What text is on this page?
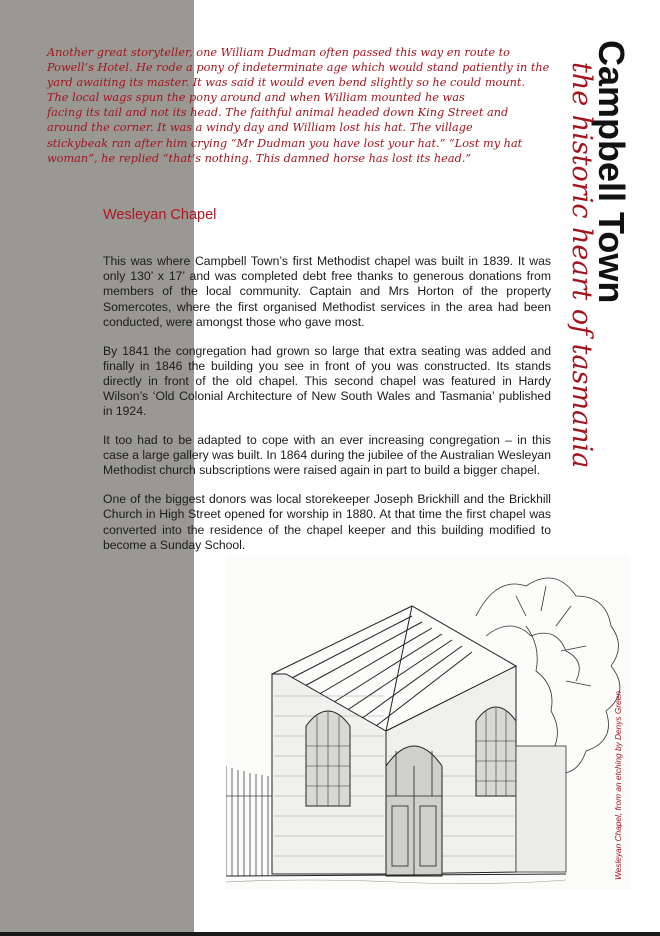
Another great storyteller, one William Dudman often passed this way en route to
Powell’s Hotel. He rode a pony of indeterminate age which would stand patiently in the
yard awaiting its master. It was said it would even bend slightly so he could mount.
The local wags spun the pony around and when William mounted he was
facing its tail and not its head. The faithful animal headed down King Street and
around the corner. It was a windy day and William lost his hat. The village
stickybeak ran after him crying “Mr Dudman you have lost your hat.” “Lost my hat
woman”, he replied “that’s nothing. This damned horse has lost its head.”

Wesleyan Chapel

This was where Campbell Town’s first Methodist chapel was built in 1839. It was only 130’ x 17’ and was completed debt free thanks to generous donations from members of the local community. Captain and Mrs Horton of the property Somercotes, where the first organised Methodist services in the area had been conducted, were amongst those who gave most.

By 1841 the congregation had grown so large that extra seating was added and finally in 1846 the building you see in front of you was constructed. Its stands directly in front of the old chapel. This second chapel was featured in Hardy Wilson’s ‘Old Colonial Architecture of New South Wales and Tasmania’ published in 1924.

It too had to be adapted to cope with an ever increasing congregation – in this case a large gallery was built. In 1864 during the jubilee of the Australian Wesleyan Methodist church subscriptions were raised again in part to build a bigger chapel.

One of the biggest donors was local storekeeper Joseph Brickhill and the Brickhill Church in High Street opened for worship in 1880. At that time the first chapel was converted into the residence of the chapel keeper and this building modified to become a Sunday School.

Campbell Town
the historic heart of tasmania
Wesleyan Chapel, from an etching by Denys Green
